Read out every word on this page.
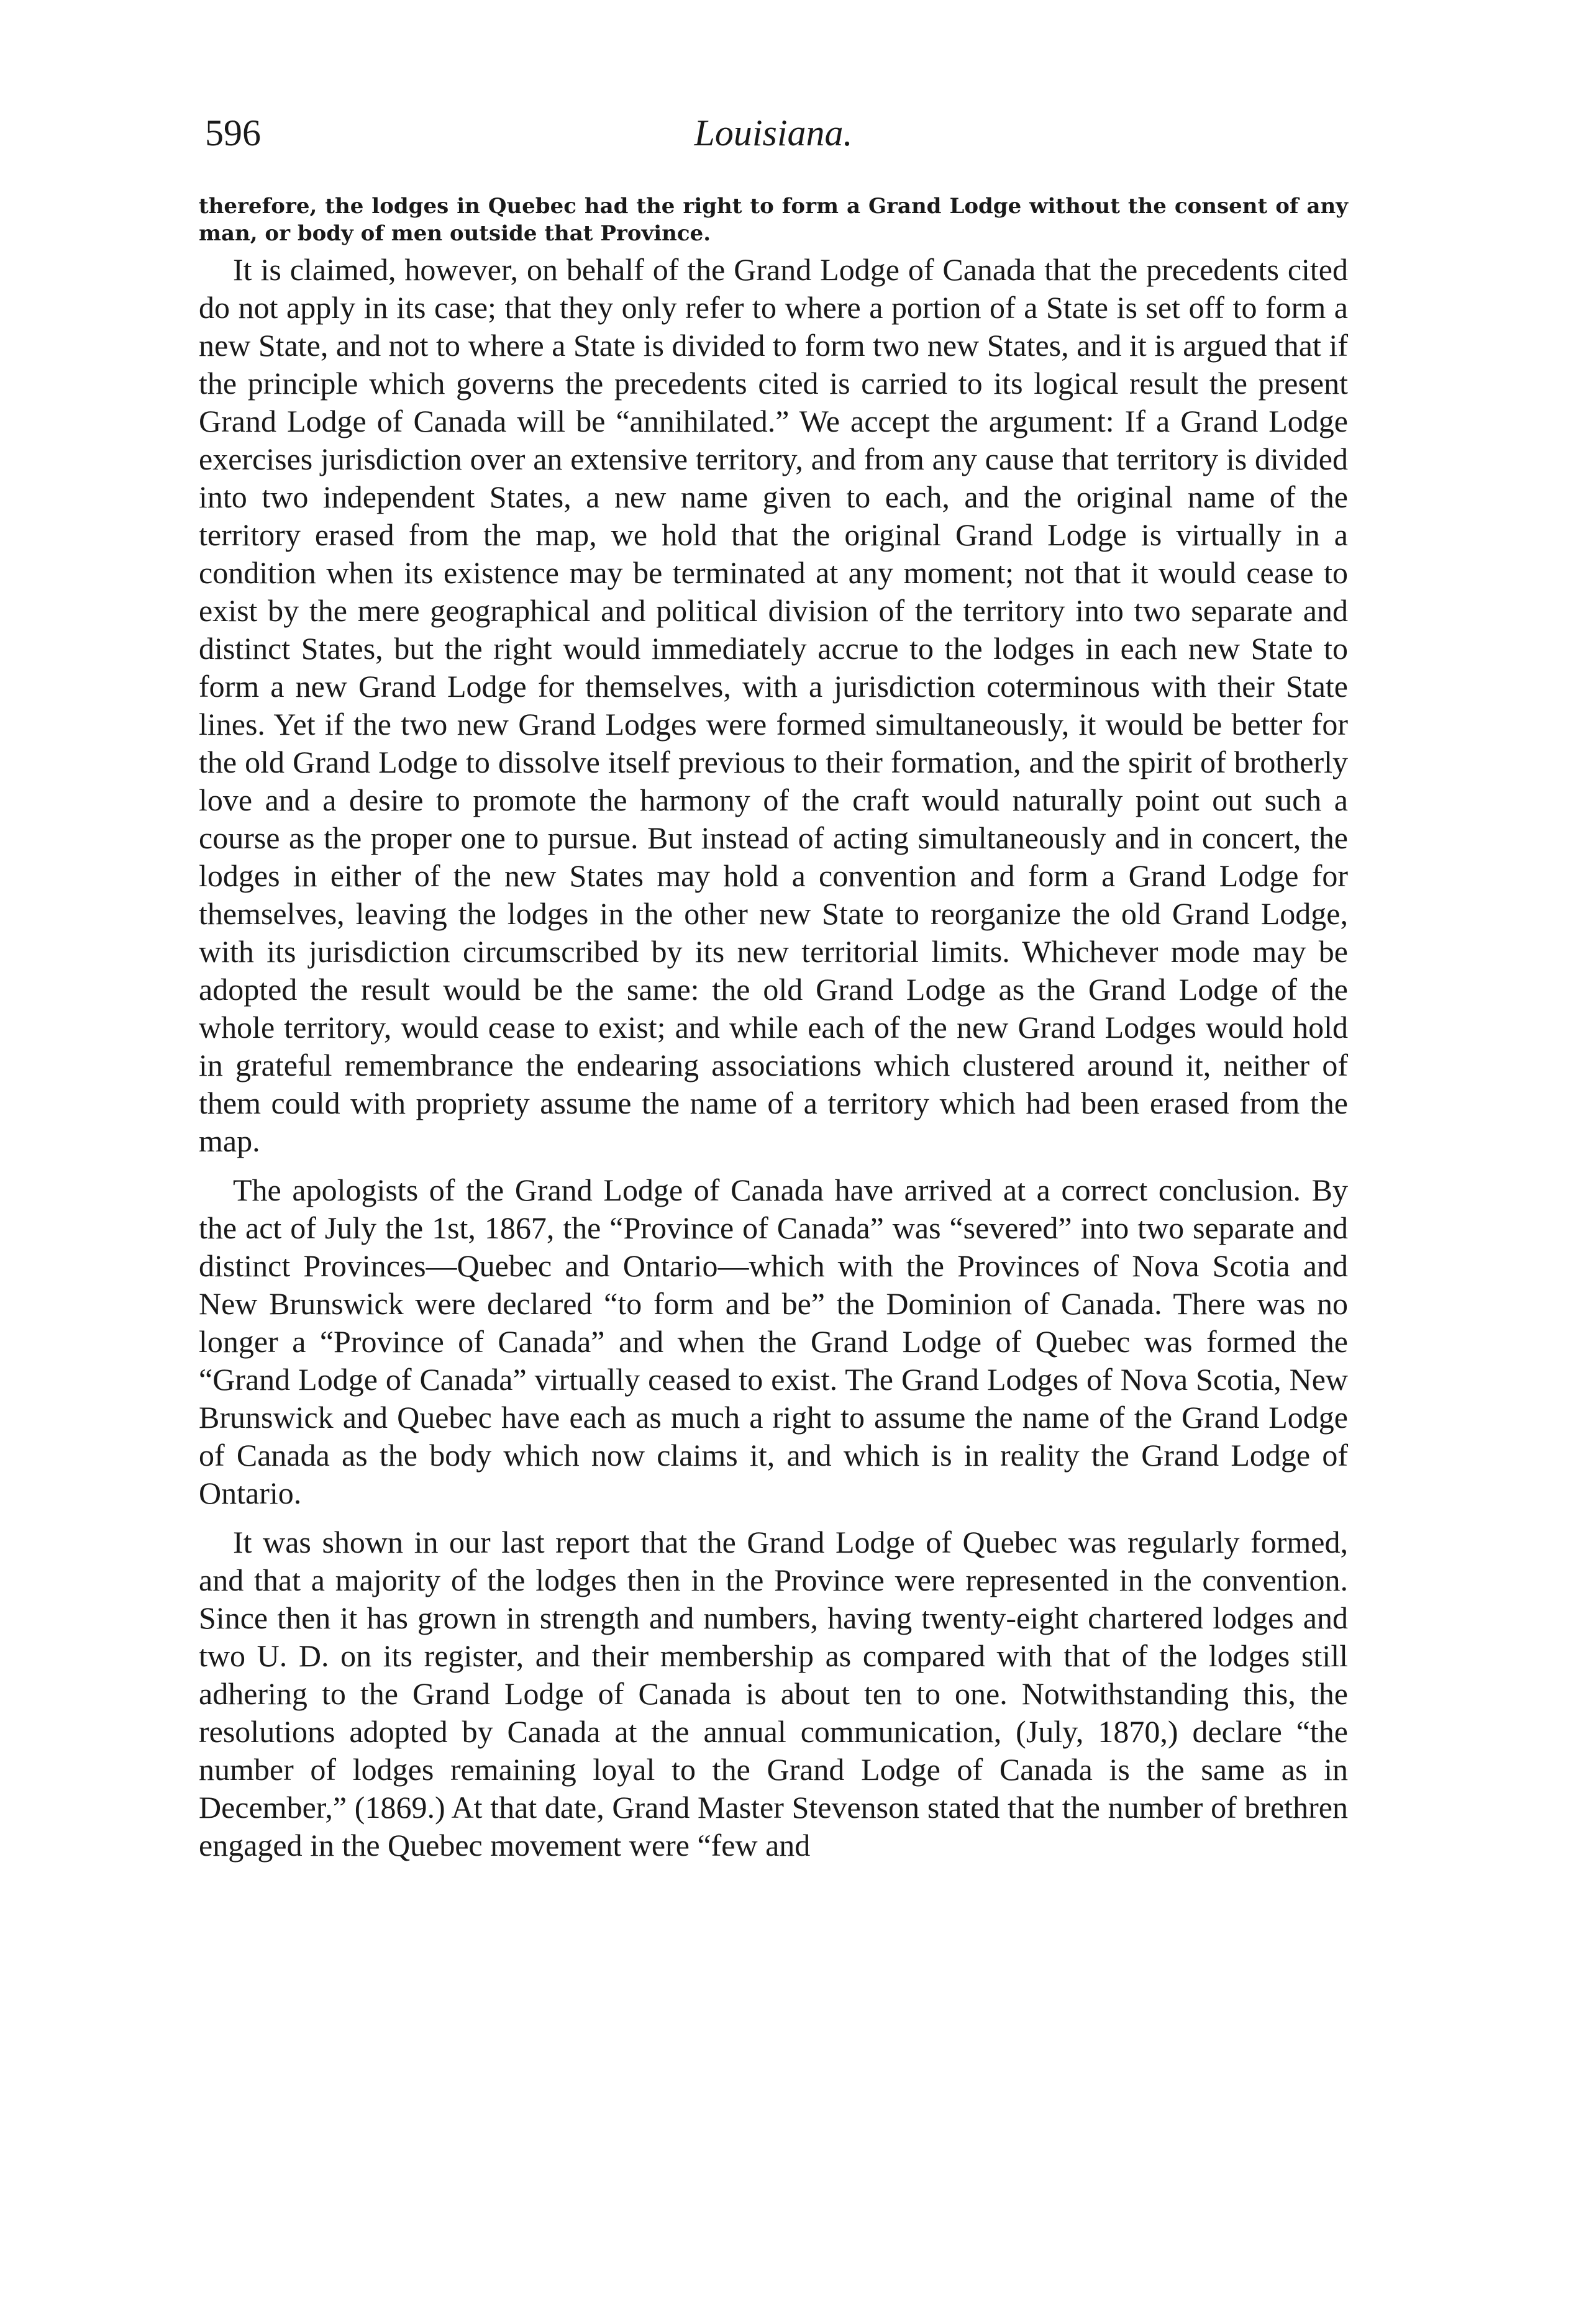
596	Louisiana.

therefore, the lodges in Quebec had the right to form a Grand Lodge without the consent of any man, or body of men outside that Province.

It is claimed, however, on behalf of the Grand Lodge of Canada that the precedents cited do not apply in its case; that they only refer to where a portion of a State is set off to form a new State, and not to where a State is divided to form two new States, and it is argued that if the principle which governs the precedents cited is carried to its logical result the present Grand Lodge of Canada will be “annihilated.” We accept the argument: If a Grand Lodge exercises jurisdiction over an extensive territory, and from any cause that territory is divided into two independent States, a new name given to each, and the original name of the territory erased from the map, we hold that the original Grand Lodge is virtually in a condition when its existence may be terminated at any moment; not that it would cease to exist by the mere geographical and political division of the territory into two separate and distinct States, but the right would immediately accrue to the lodges in each new State to form a new Grand Lodge for themselves, with a jurisdiction coterminous with their State lines. Yet if the two new Grand Lodges were formed simultaneously, it would be better for the old Grand Lodge to dissolve itself previous to their formation, and the spirit of brotherly love and a desire to promote the harmony of the craft would naturally point out such a course as the proper one to pursue. But instead of acting simultaneously and in concert, the lodges in either of the new States may hold a convention and form a Grand Lodge for themselves, leaving the lodges in the other new State to reorganize the old Grand Lodge, with its jurisdiction circumscribed by its new territorial limits. Whichever mode may be adopted the result would be the same: the old Grand Lodge as the Grand Lodge of the whole territory, would cease to exist; and while each of the new Grand Lodges would hold in grateful remembrance the endearing associations which clustered around it, neither of them could with propriety assume the name of a territory which had been erased from the map.

The apologists of the Grand Lodge of Canada have arrived at a correct conclusion. By the act of July the 1st, 1867, the “Province of Canada” was “severed” into two separate and distinct Provinces—Quebec and Ontario—which with the Provinces of Nova Scotia and New Brunswick were declared “to form and be” the Dominion of Canada. There was no longer a “Province of Canada” and when the Grand Lodge of Quebec was formed the “Grand Lodge of Canada” virtually ceased to exist. The Grand Lodges of Nova Scotia, New Brunswick and Quebec have each as much a right to assume the name of the Grand Lodge of Canada as the body which now claims it, and which is in reality the Grand Lodge of Ontario.

It was shown in our last report that the Grand Lodge of Quebec was regularly formed, and that a majority of the lodges then in the Province were represented in the convention. Since then it has grown in strength and numbers, having twenty-eight chartered lodges and two U. D. on its register, and their membership as compared with that of the lodges still adhering to the Grand Lodge of Canada is about ten to one. Notwithstanding this, the resolutions adopted by Canada at the annual communication, (July, 1870,) declare “the number of lodges remaining loyal to the Grand Lodge of Canada is the same as in December,” (1869.) At that date, Grand Master Stevenson stated that the number of brethren engaged in the Quebec movement were “few and
